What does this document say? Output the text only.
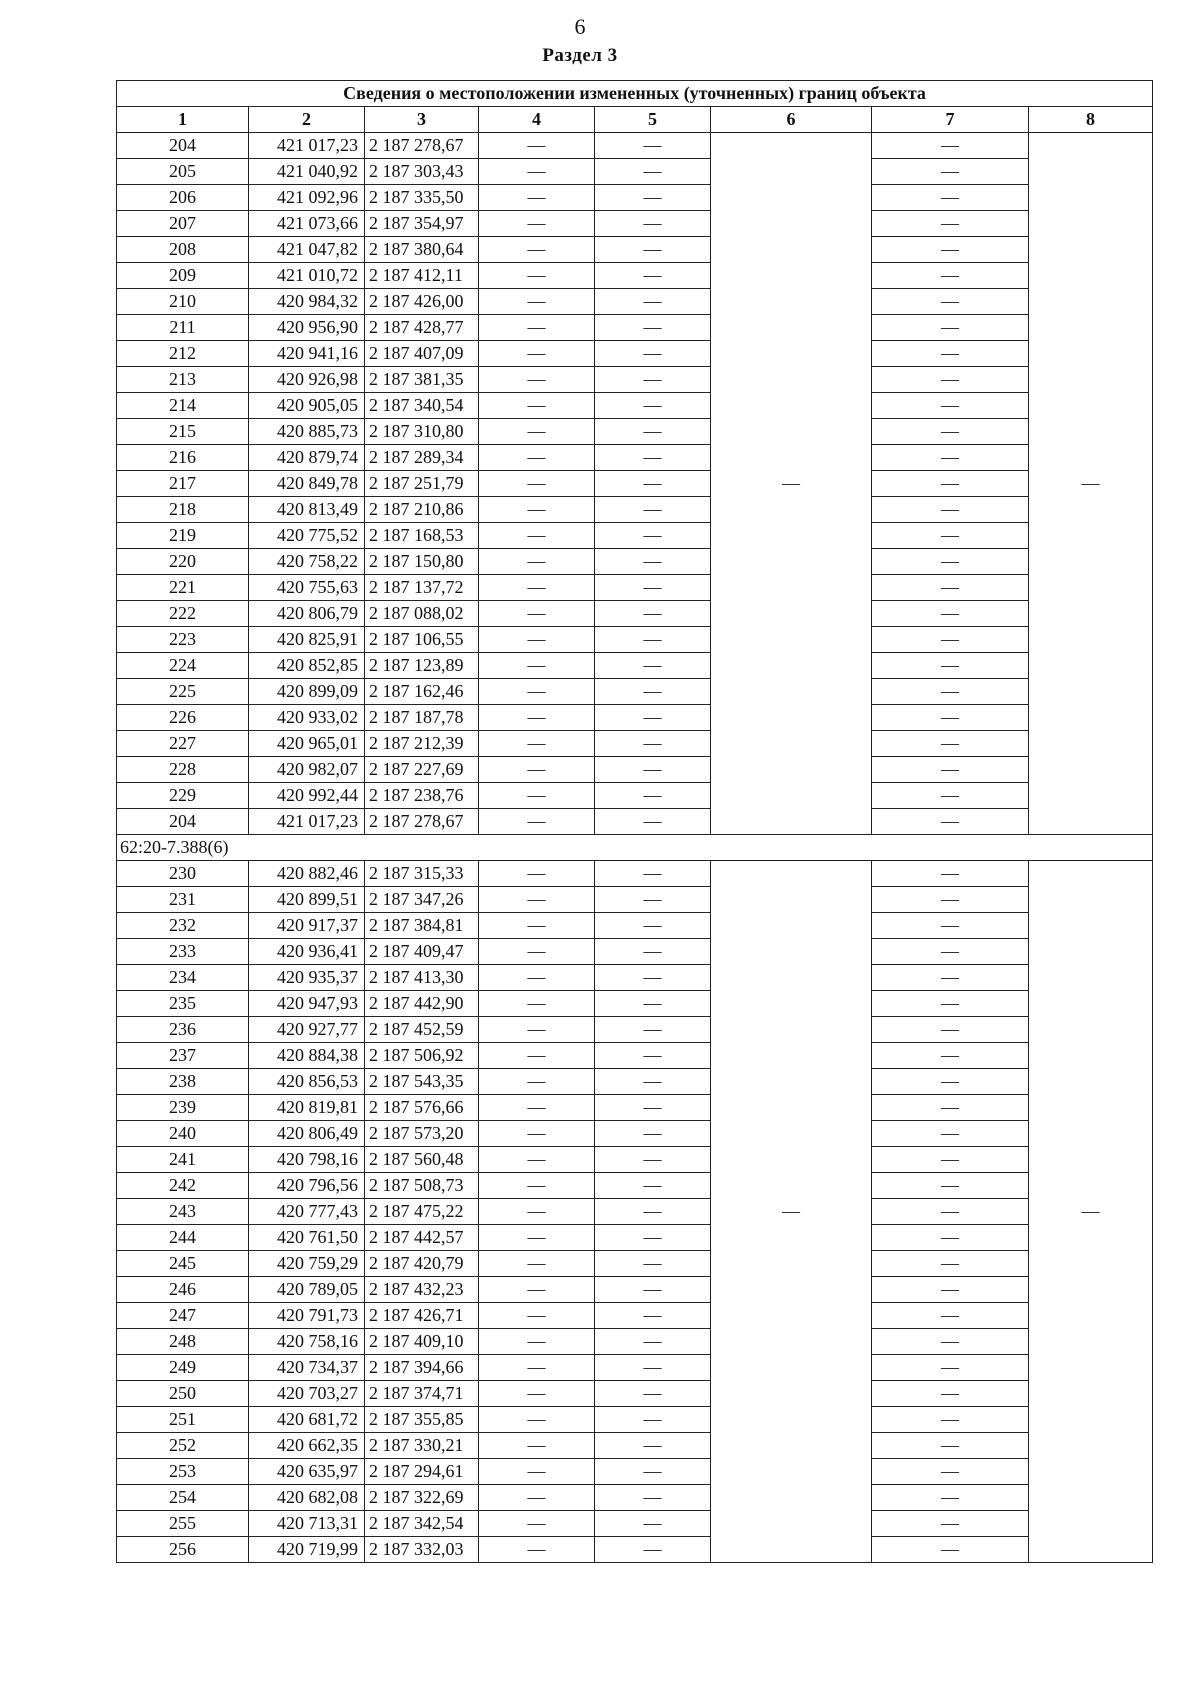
6
Раздел 3
Сведения о местоположении измененных (уточненных) границ объекта							
1	2	3	4	5	6	7	8
204	421 017,23	2 187 278,67	—	—	—	—	—
205	421 040,92	2 187 303,43	—	—		—	
206	421 092,96	2 187 335,50	—	—		—	
207	421 073,66	2 187 354,97	—	—		—	
208	421 047,82	2 187 380,64	—	—		—	
209	421 010,72	2 187 412,11	—	—		—	
210	420 984,32	2 187 426,00	—	—		—	
211	420 956,90	2 187 428,77	—	—		—	
212	420 941,16	2 187 407,09	—	—		—	
213	420 926,98	2 187 381,35	—	—		—	
214	420 905,05	2 187 340,54	—	—		—	
215	420 885,73	2 187 310,80	—	—		—	
216	420 879,74	2 187 289,34	—	—		—	
217	420 849,78	2 187 251,79	—	—		—	
218	420 813,49	2 187 210,86	—	—		—	
219	420 775,52	2 187 168,53	—	—		—	
220	420 758,22	2 187 150,80	—	—		—	
221	420 755,63	2 187 137,72	—	—		—	
222	420 806,79	2 187 088,02	—	—		—	
223	420 825,91	2 187 106,55	—	—		—	
224	420 852,85	2 187 123,89	—	—		—	
225	420 899,09	2 187 162,46	—	—		—	
226	420 933,02	2 187 187,78	—	—		—	
227	420 965,01	2 187 212,39	—	—		—	
228	420 982,07	2 187 227,69	—	—		—	
229	420 992,44	2 187 238,76	—	—		—	
204	421 017,23	2 187 278,67	—	—		—	
62:20-7.388(6)							
230	420 882,46	2 187 315,33	—	—	—	—	—
231	420 899,51	2 187 347,26	—	—		—	
232	420 917,37	2 187 384,81	—	—		—	
233	420 936,41	2 187 409,47	—	—		—	
234	420 935,37	2 187 413,30	—	—		—	
235	420 947,93	2 187 442,90	—	—		—	
236	420 927,77	2 187 452,59	—	—		—	
237	420 884,38	2 187 506,92	—	—		—	
238	420 856,53	2 187 543,35	—	—		—	
239	420 819,81	2 187 576,66	—	—		—	
240	420 806,49	2 187 573,20	—	—		—	
241	420 798,16	2 187 560,48	—	—		—	
242	420 796,56	2 187 508,73	—	—		—	
243	420 777,43	2 187 475,22	—	—		—	
244	420 761,50	2 187 442,57	—	—		—	
245	420 759,29	2 187 420,79	—	—		—	
246	420 789,05	2 187 432,23	—	—		—	
247	420 791,73	2 187 426,71	—	—		—	
248	420 758,16	2 187 409,10	—	—		—	
249	420 734,37	2 187 394,66	—	—		—	
250	420 703,27	2 187 374,71	—	—		—	
251	420 681,72	2 187 355,85	—	—		—	
252	420 662,35	2 187 330,21	—	—		—	
253	420 635,97	2 187 294,61	—	—		—	
254	420 682,08	2 187 322,69	—	—		—	
255	420 713,31	2 187 342,54	—	—		—	
256	420 719,99	2 187 332,03	—	—		—	
